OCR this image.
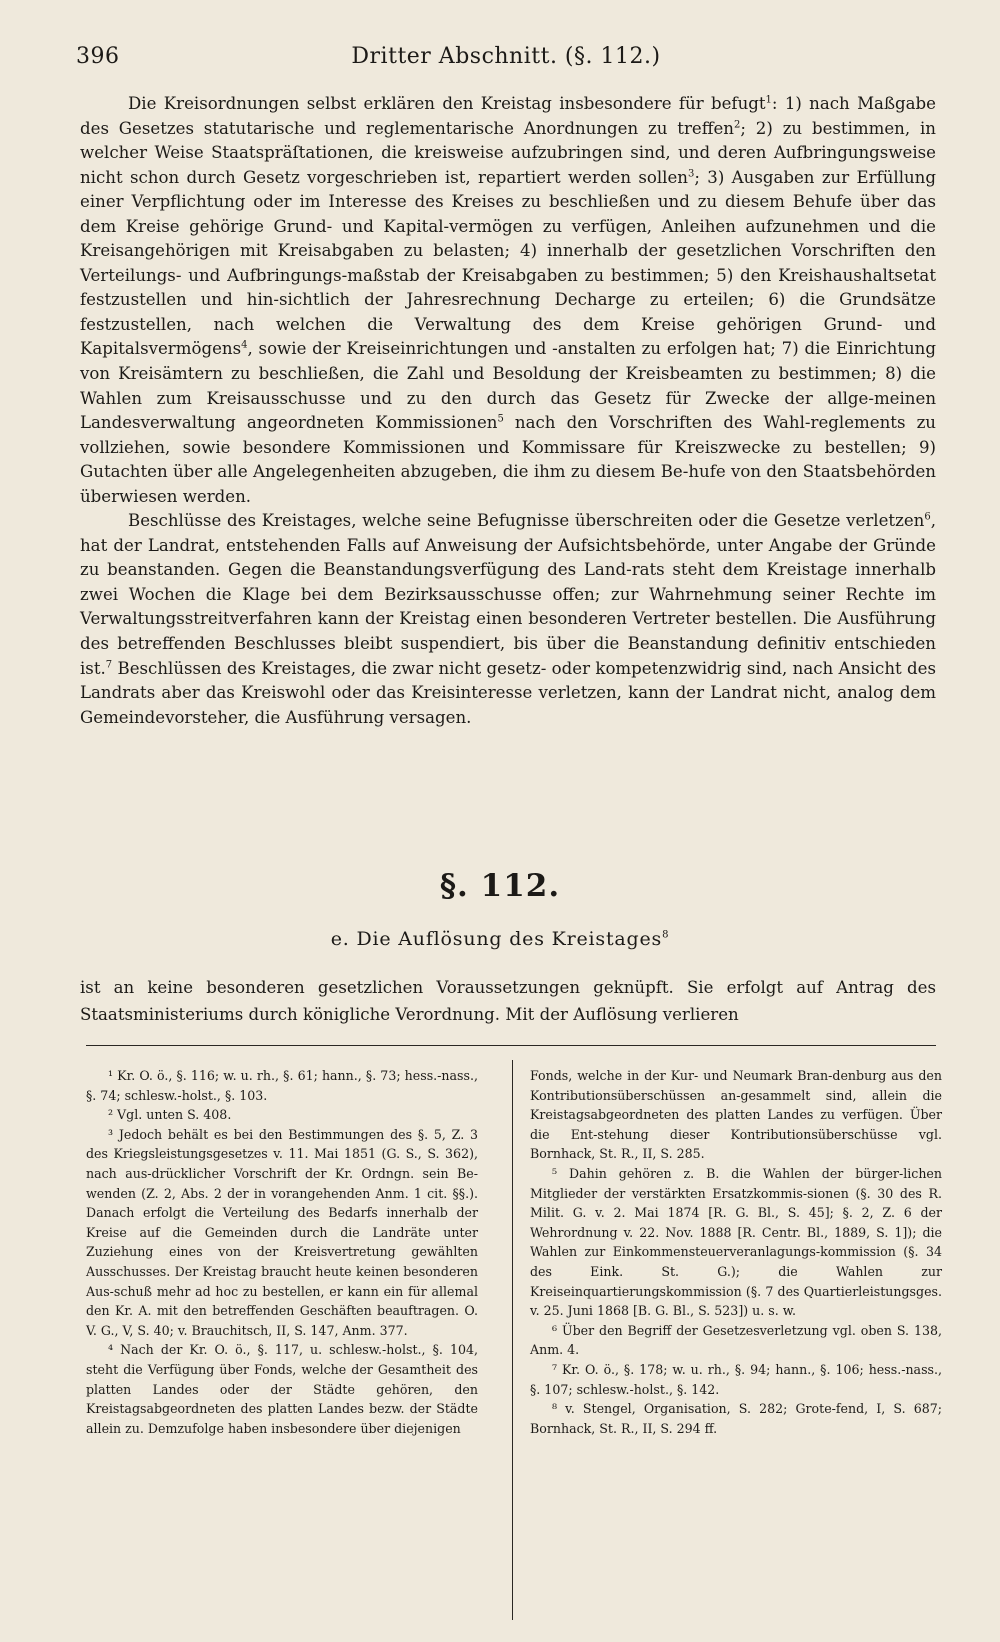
396	Dritter Abschnitt. (§. 112.)

Die Kreisordnungen selbst erklären den Kreistag insbesondere für befugt$^1$: 1) nach Maßgabe des Gesetzes statutarische und reglementarische Anordnungen zu treffen$^2$; 2) zu bestimmen, in welcher Weise Staatspräſtationen, die kreisweise aufzubringen sind, und deren Aufbringungsweise nicht schon durch Gesetz vorgeschrieben ist, repartiert werden sollen$^3$; 3) Ausgaben zur Erfüllung einer Verpflichtung oder im Interesse des Kreises zu beschließen und zu diesem Behufe über das dem Kreise gehörige Grund- und Kapital-vermögen zu verfügen, Anleihen aufzunehmen und die Kreisangehörigen mit Kreisabgaben zu belasten; 4) innerhalb der gesetzlichen Vorschriften den Verteilungs- und Aufbringungs-maßstab der Kreisabgaben zu bestimmen; 5) den Kreishaushaltsetat festzustellen und hin-sichtlich der Jahresrechnung Decharge zu erteilen; 6) die Grundsätze festzustellen, nach welchen die Verwaltung des dem Kreise gehörigen Grund- und Kapitalsvermögens$^4$, sowie der Kreiseinrichtungen und -anstalten zu erfolgen hat; 7) die Einrichtung von Kreisämtern zu beschließen, die Zahl und Besoldung der Kreisbeamten zu bestimmen; 8) die Wahlen zum Kreisausschusse und zu den durch das Gesetz für Zwecke der allge-meinen Landesverwaltung angeordneten Kommissionen$^5$ nach den Vorschriften des Wahl-reglements zu vollziehen, sowie besondere Kommissionen und Kommissare für Kreiszwecke zu bestellen; 9) Gutachten über alle Angelegenheiten abzugeben, die ihm zu diesem Be-hufe von den Staatsbehörden überwiesen werden.

Beschlüsse des Kreistages, welche seine Befugnisse überschreiten oder die Gesetze verletzen$^6$, hat der Landrat, entstehenden Falls auf Anweisung der Aufsichtsbehörde, unter Angabe der Gründe zu beanstanden. Gegen die Beanstandungsverfügung des Land-rats steht dem Kreistage innerhalb zwei Wochen die Klage bei dem Bezirksausschusse offen; zur Wahrnehmung seiner Rechte im Verwaltungsstreitverfahren kann der Kreistag einen besonderen Vertreter bestellen. Die Ausführung des betreffenden Beschlusses bleibt suspendiert, bis über die Beanstandung definitiv entschieden ist.$^7$ Beschlüssen des Kreistages, die zwar nicht gesetz- oder kompetenzwidrig sind, nach Ansicht des Landrats aber das Kreiswohl oder das Kreisinteresse verletzen, kann der Landrat nicht, analog dem Gemeindevorsteher, die Ausführung versagen.

§. 112.
e. Die Auflösung des Kreistages$^8$

ist an keine besonderen gesetzlichen Voraussetzungen geknüpft. Sie erfolgt auf Antrag des Staatsministeriums durch königliche Verordnung. Mit der Auflösung verlieren

¹ Kr. O. ö., §. 116; w. u. rh., §. 61; hann., §. 73; hess.-nass., §. 74; schlesw.-holst., §. 103.

² Vgl. unten S. 408.

³ Jedoch behält es bei den Bestimmungen des §. 5, Z. 3 des Kriegsleistungsgesetzes v. 11. Mai 1851 (G. S., S. 362), nach aus-drücklicher Vorschrift der Kr. Ordngn. sein Be-wenden (Z. 2, Abs. 2 der in vorangehenden Anm. 1 cit. §§.). Danach erfolgt die Verteilung des Bedarfs innerhalb der Kreise auf die Gemeinden durch die Landräte unter Zuziehung eines von der Kreisvertretung gewählten Ausschusses. Der Kreistag braucht heute keinen besonderen Aus-schuß mehr ad hoc zu bestellen, er kann ein für allemal den Kr. A. mit den betreffenden Geschäften beauftragen. O. V. G., V, S. 40; v. Brauchitsch, II, S. 147, Anm. 377.

⁴ Nach der Kr. O. ö., §. 117, u. schlesw.-holst., §. 104, steht die Verfügung über Fonds, welche der Gesamtheit des platten Landes oder der Städte gehören, den Kreistagsabgeordneten des platten Landes bezw. der Städte allein zu. Demzufolge haben insbesondere über diejenigen

Fonds, welche in der Kur- und Neumark Bran-denburg aus den Kontributionsüberschüssen an-gesammelt sind, allein die Kreistagsabgeordneten des platten Landes zu verfügen. Über die Ent-stehung dieser Kontributionsüberschüsse vgl. Bornhack, St. R., II, S. 285.

⁵ Dahin gehören z. B. die Wahlen der bürger-lichen Mitglieder der verstärkten Ersatzkommis-sionen (§. 30 des R. Milit. G. v. 2. Mai 1874 [R. G. Bl., S. 45]; §. 2, Z. 6 der Wehrordnung v. 22. Nov. 1888 [R. Centr. Bl., 1889, S. 1]); die Wahlen zur Einkommensteuerveranlagungs-kommission (§. 34 des Eink. St. G.); die Wahlen zur Kreiseinquartierungskommission (§. 7 des Quartierleistungsges. v. 25. Juni 1868 [B. G. Bl., S. 523]) u. s. w.

⁶ Über den Begriff der Gesetzesverletzung vgl. oben S. 138, Anm. 4.

⁷ Kr. O. ö., §. 178; w. u. rh., §. 94; hann., §. 106; hess.-nass., §. 107; schlesw.-holst., §. 142.

⁸ v. Stengel, Organisation, S. 282; Grote-fend, I, S. 687; Bornhack, St. R., II, S. 294 ff.
